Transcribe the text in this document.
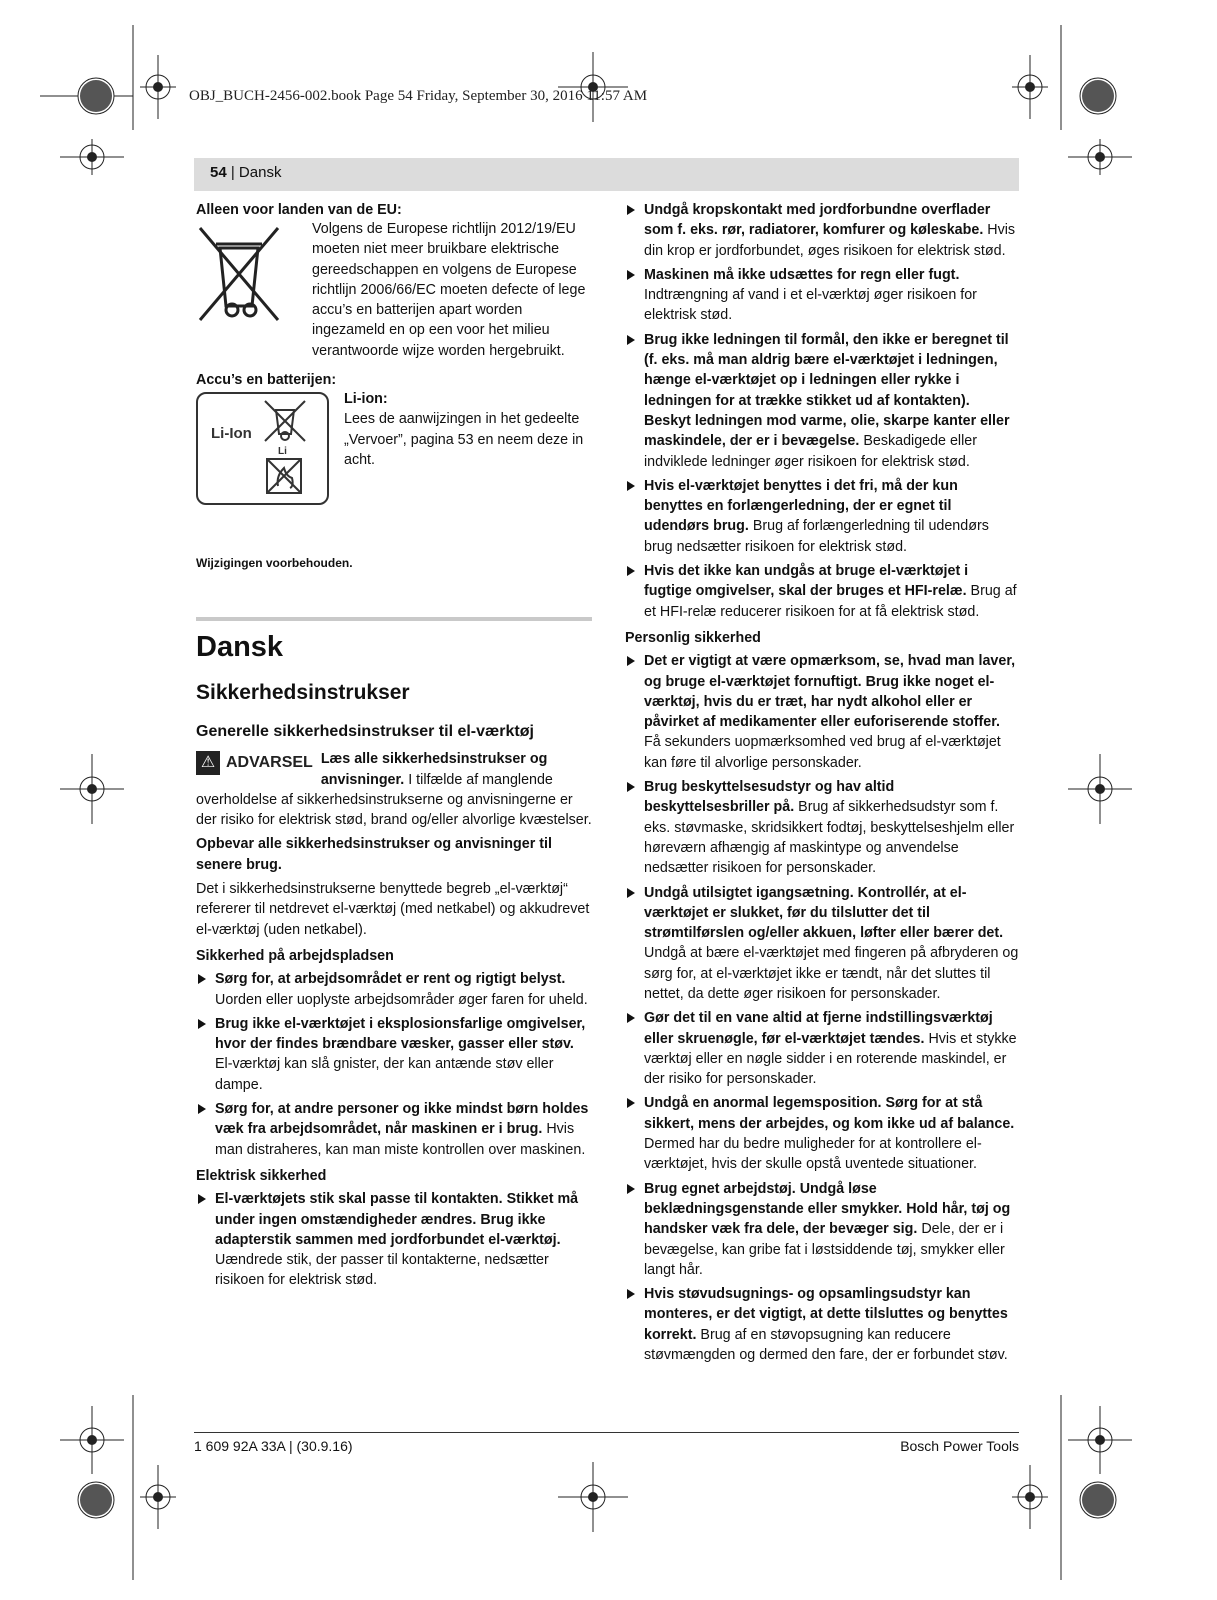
OBJ_BUCH-2456-002.book Page 54 Friday, September 30, 2016 11:57 AM
54 | Dansk
Alleen voor landen van de EU:

Volgens de Europese richtlijn 2012/19/EU moeten niet meer bruikbare elektrische gereedschappen en volgens de Europese richtlijn 2006/66/EC moeten defecte of lege accu’s en batterijen apart worden ingezameld en op een voor het milieu verantwoorde wijze worden hergebruikt.

Accu’s en batterijen:
Li-Ion
Li
Li-ion:

Lees de aanwijzingen in het gedeelte „Vervoer”, pagina 53 en neem deze in acht.

Wijzigingen voorbehouden.
Dansk
Sikkerhedsinstrukser
Generelle sikkerhedsinstrukser til el-værktøj
⚠ ADVARSEL Læs alle sikkerhedsinstrukser og anvisninger. I tilfælde af manglende overholdelse af sikkerhedsinstrukserne og anvisningerne er der risiko for elektrisk stød, brand og/eller alvorlige kvæstelser.

Opbevar alle sikkerhedsinstrukser og anvisninger til senere brug.

Det i sikkerhedsinstrukserne benyttede begreb „el-værktøj“ refererer til netdrevet el-værktøj (med netkabel) og akkudrevet el-værktøj (uden netkabel).

Sikkerhed på arbejdspladsen
Sørg for, at arbejdsområdet er rent og rigtigt belyst. Uorden eller uoplyste arbejdsområder øger faren for uheld.
Brug ikke el-værktøjet i eksplosionsfarlige omgivelser, hvor der findes brændbare væsker, gasser eller støv. El-værktøj kan slå gnister, der kan antænde støv eller dampe.
Sørg for, at andre personer og ikke mindst børn holdes væk fra arbejdsområdet, når maskinen er i brug. Hvis man distraheres, kan man miste kontrollen over maskinen.
Elektrisk sikkerhed
El-værktøjets stik skal passe til kontakten. Stikket må under ingen omstændigheder ændres. Brug ikke adapterstik sammen med jordforbundet el-værktøj. Uændrede stik, der passer til kontakterne, nedsætter risikoen for elektrisk stød.
Undgå kropskontakt med jordforbundne overflader som f. eks. rør, radiatorer, komfurer og køleskabe. Hvis din krop er jordforbundet, øges risikoen for elektrisk stød.
Maskinen må ikke udsættes for regn eller fugt. Indtrængning af vand i et el-værktøj øger risikoen for elektrisk stød.
Brug ikke ledningen til formål, den ikke er beregnet til (f. eks. må man aldrig bære el-værktøjet i ledningen, hænge el-værktøjet op i ledningen eller rykke i ledningen for at trække stikket ud af kontakten). Beskyt ledningen mod varme, olie, skarpe kanter eller maskindele, der er i bevægelse. Beskadigede eller indviklede ledninger øger risikoen for elektrisk stød.
Hvis el-værktøjet benyttes i det fri, må der kun benyttes en forlængerledning, der er egnet til udendørs brug. Brug af forlængerledning til udendørs brug nedsætter risikoen for elektrisk stød.
Hvis det ikke kan undgås at bruge el-værktøjet i fugtige omgivelser, skal der bruges et HFI-relæ. Brug af et HFI-relæ reducerer risikoen for at få elektrisk stød.
Personlig sikkerhed
Det er vigtigt at være opmærksom, se, hvad man laver, og bruge el-værktøjet fornuftigt. Brug ikke noget el-værktøj, hvis du er træt, har nydt alkohol eller er påvirket af medikamenter eller euforiserende stoffer. Få sekunders uopmærksomhed ved brug af el-værktøjet kan føre til alvorlige personskader.
Brug beskyttelsesudstyr og hav altid beskyttelsesbriller på. Brug af sikkerhedsudstyr som f. eks. støvmaske, skridsikkert fodtøj, beskyttelseshjelm eller høreværn afhængig af maskintype og anvendelse nedsætter risikoen for personskader.
Undgå utilsigtet igangsætning. Kontrollér, at el-værktøjet er slukket, før du tilslutter det til strømtilførslen og/eller akkuen, løfter eller bærer det. Undgå at bære el-værktøjet med fingeren på afbryderen og sørg for, at el-værktøjet ikke er tændt, når det sluttes til nettet, da dette øger risikoen for personskader.
Gør det til en vane altid at fjerne indstillingsværktøj eller skruenøgle, før el-værktøjet tændes. Hvis et stykke værktøj eller en nøgle sidder i en roterende maskindel, er der risiko for personskader.
Undgå en anormal legemsposition. Sørg for at stå sikkert, mens der arbejdes, og kom ikke ud af balance. Dermed har du bedre muligheder for at kontrollere el-værktøjet, hvis der skulle opstå uventede situationer.
Brug egnet arbejdstøj. Undgå løse beklædningsgenstande eller smykker. Hold hår, tøj og handsker væk fra dele, der bevæger sig. Dele, der er i bevægelse, kan gribe fat i løstsiddende tøj, smykker eller langt hår.
Hvis støvudsugnings- og opsamlingsudstyr kan monteres, er det vigtigt, at dette tilsluttes og benyttes korrekt. Brug af en støvopsugning kan reducere støvmængden og dermed den fare, der er forbundet støv.
1 609 92A 33A | (30.9.16)	Bosch Power Tools
